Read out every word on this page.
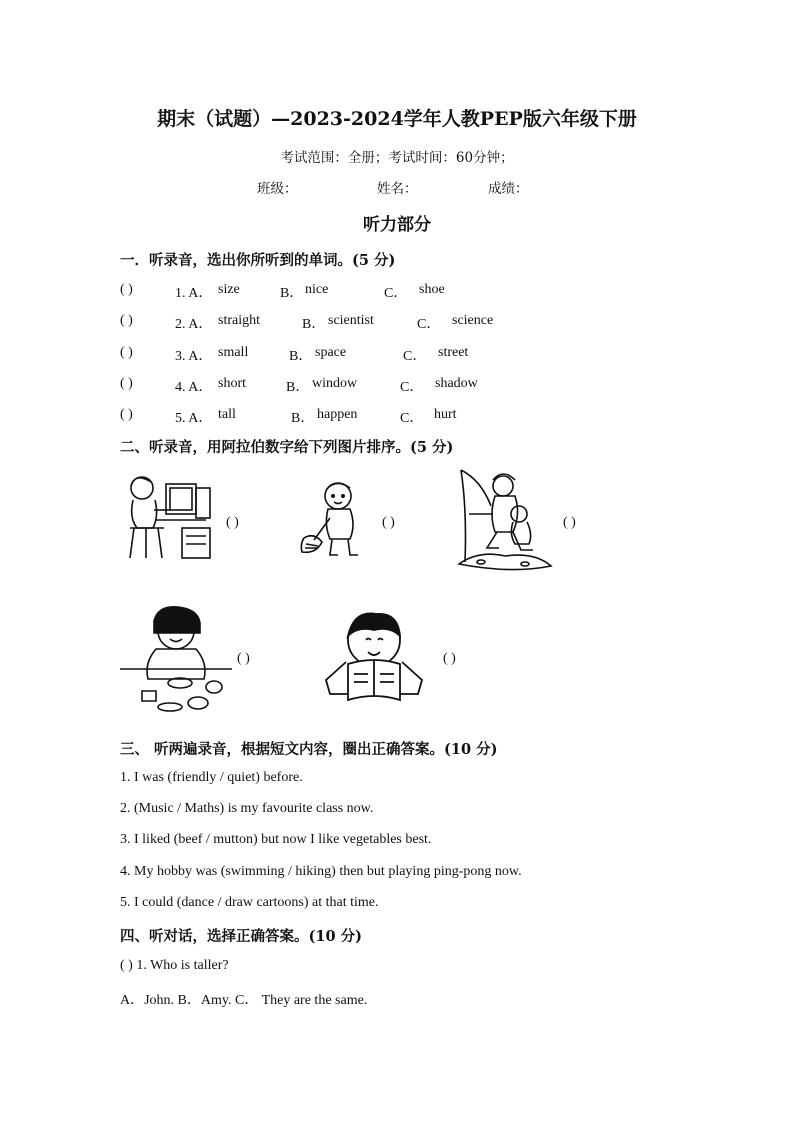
期末（试题）—2023-2024学年人教PEP版六年级下册
考试范围：全册；考试时间：60分钟；
班级：	姓名：	成绩：
听力部分
一．听录音，选出你所听到的单词。(5 分)
( )	1. A． size	B． nice	C． shoe
( )	2. A． straight	B． scientist	C． science
( )	3. A． small	B． space	C． street
( )	4. A． short	B． window	C． shadow
( )	5. A． tall	B． happen	C． hurt
二、听录音，用阿拉伯数字给下列图片排序。(5 分)
( )	( )	( )
( )	( )
三、 听两遍录音，根据短文内容，圈出正确答案。(10 分)
1. I was (friendly / quiet) before.
2. (Music / Maths) is my favourite class now.
3. I liked (beef / mutton) but now I like vegetables best.
4. My hobby was (swimming / hiking) then but playing ping-pong now.
5. I could (dance / draw cartoons) at that time.
四、听对话，选择正确答案。(10 分)
( ) 1. Who is taller?
A．John. B．Amy. C． They are the same.
